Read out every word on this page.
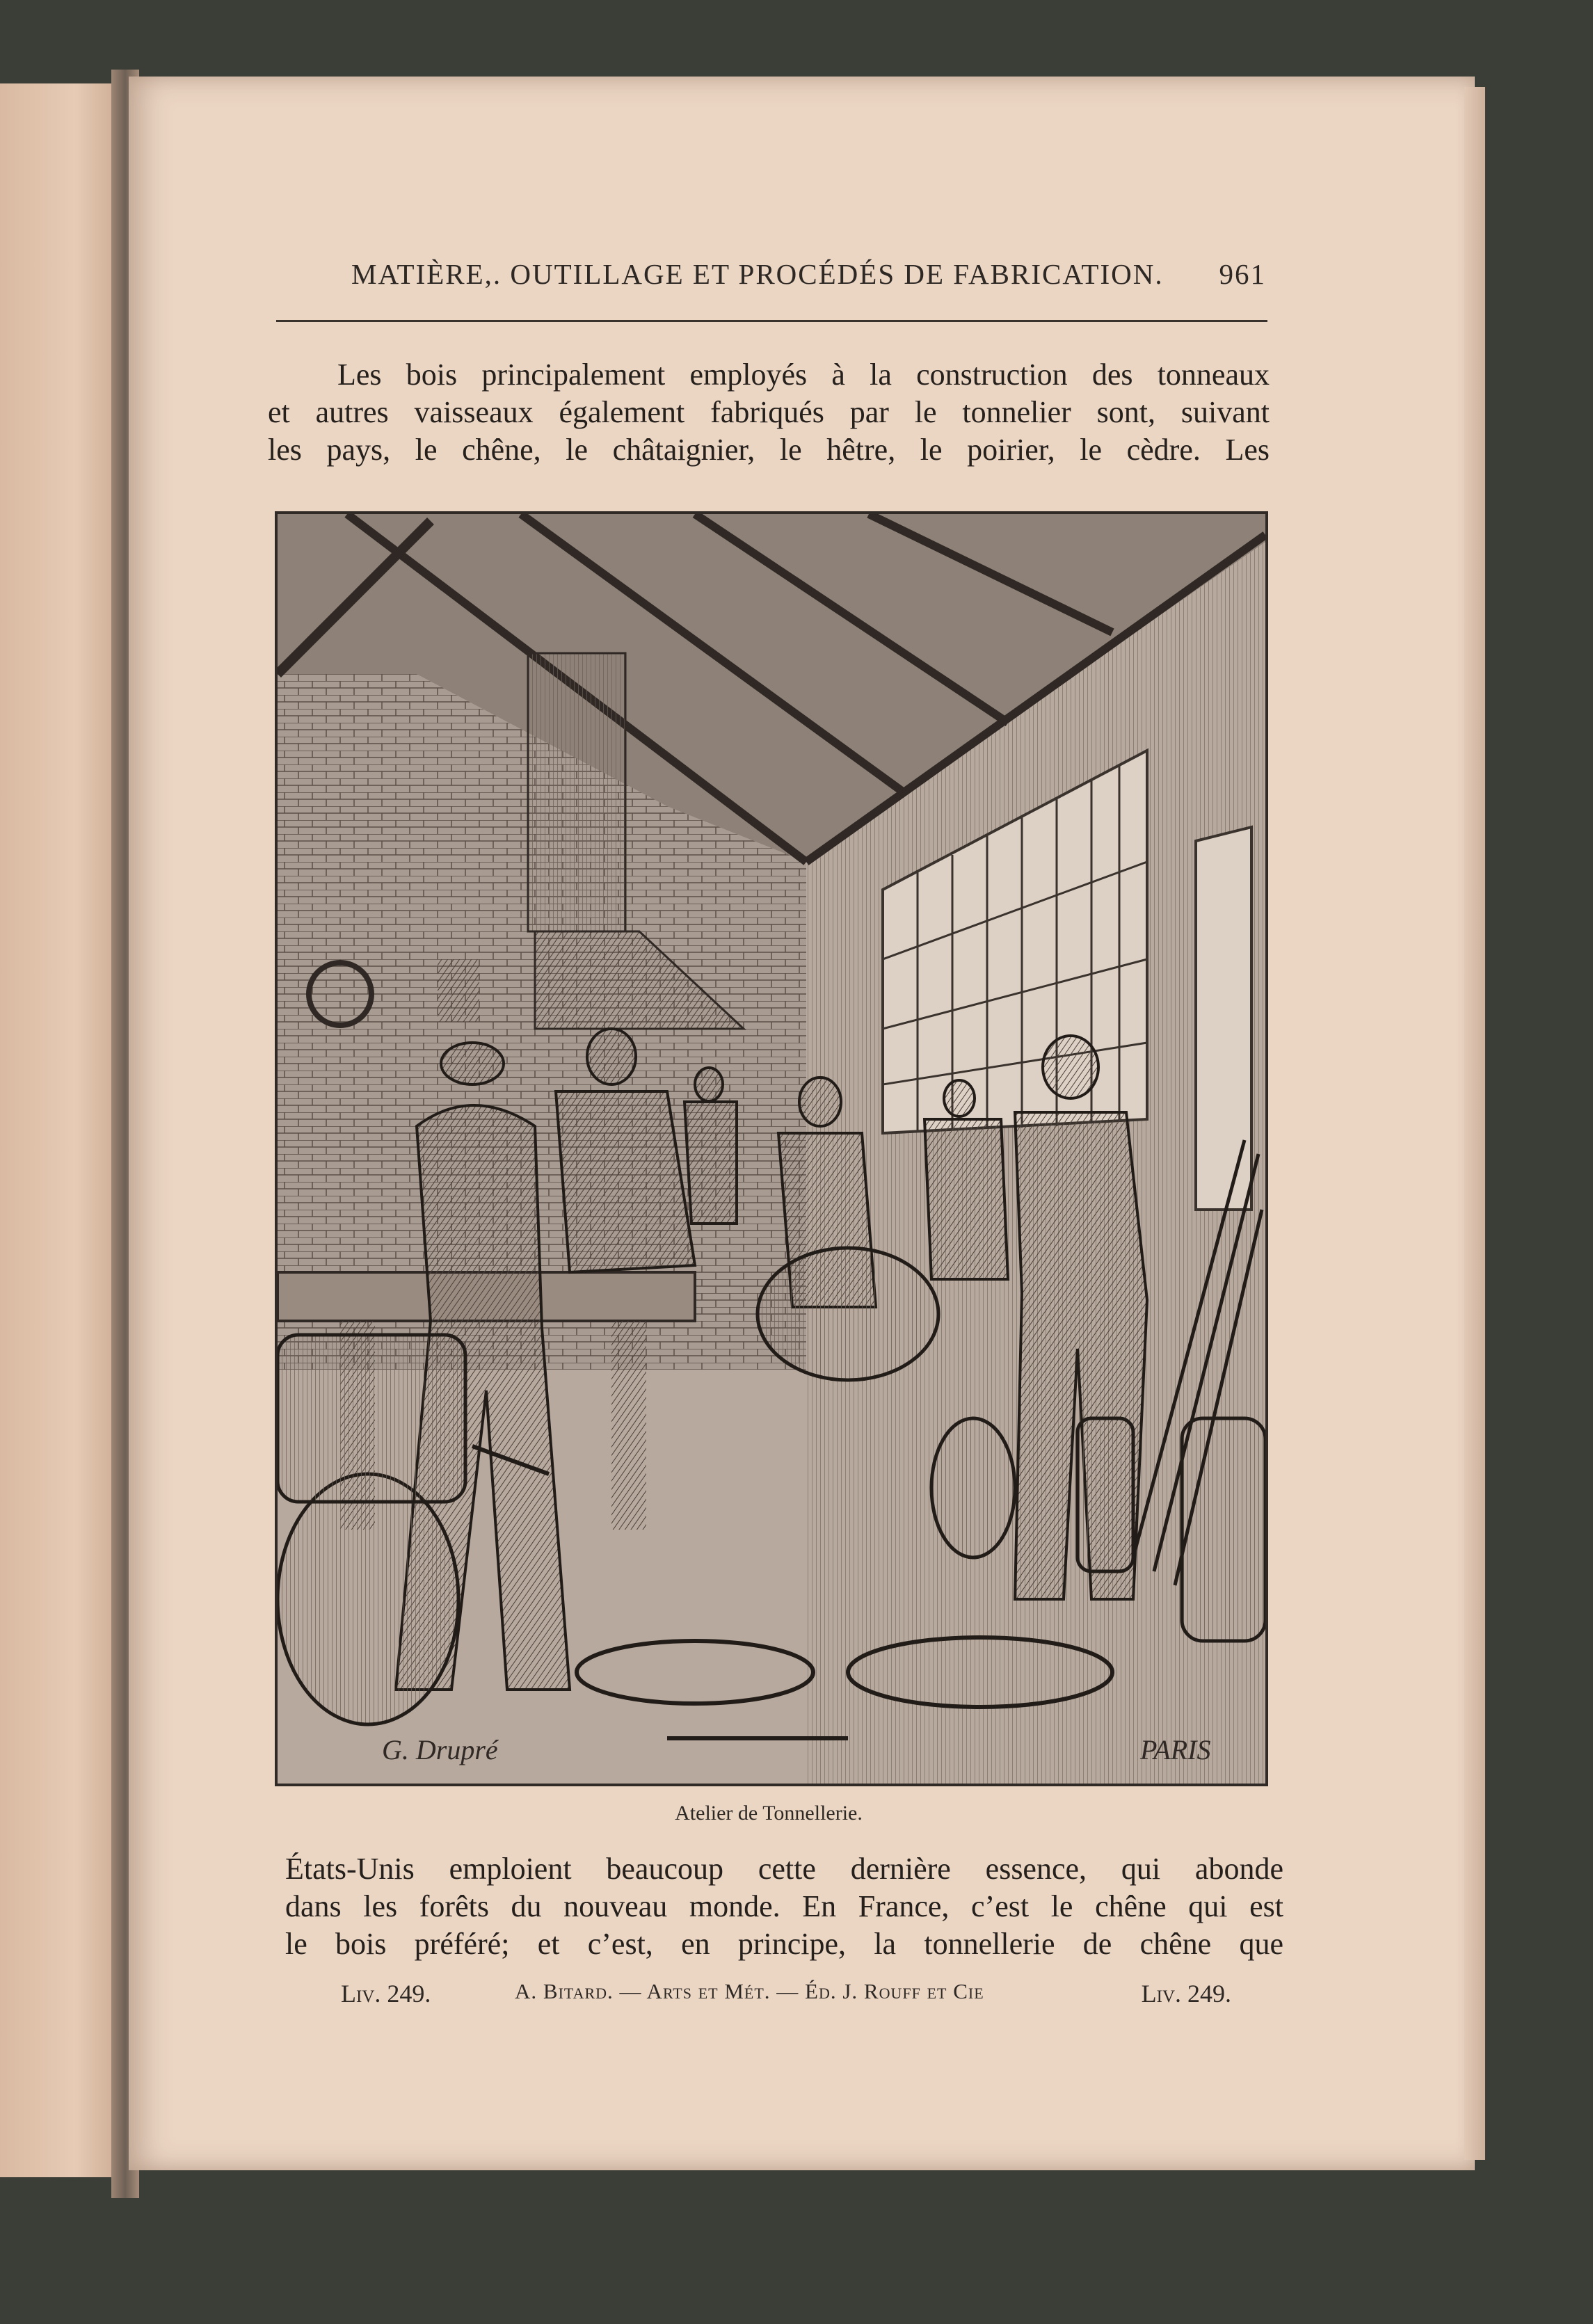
MATIÈRE,. OUTILLAGE ET PROCÉDÉS DE FABRICATION. 961
Les bois principalement employés à la construction des tonneaux
et autres vaisseaux également fabriqués par le tonnelier sont, suivant
les pays, le chêne, le châtaignier, le hêtre, le poirier, le cèdre. Les
G. Drupré	PARIS
Atelier de Tonnellerie.
États-Unis emploient beaucoup cette dernière essence, qui abonde
dans les forêts du nouveau monde. En France, c’est le chêne qui est
le bois préféré; et c’est, en principe, la tonnellerie de chêne que
Liv. 249.	A. Bitard. — Arts et Mét. — Éd. J. Rouff et Cie	Liv. 249.
